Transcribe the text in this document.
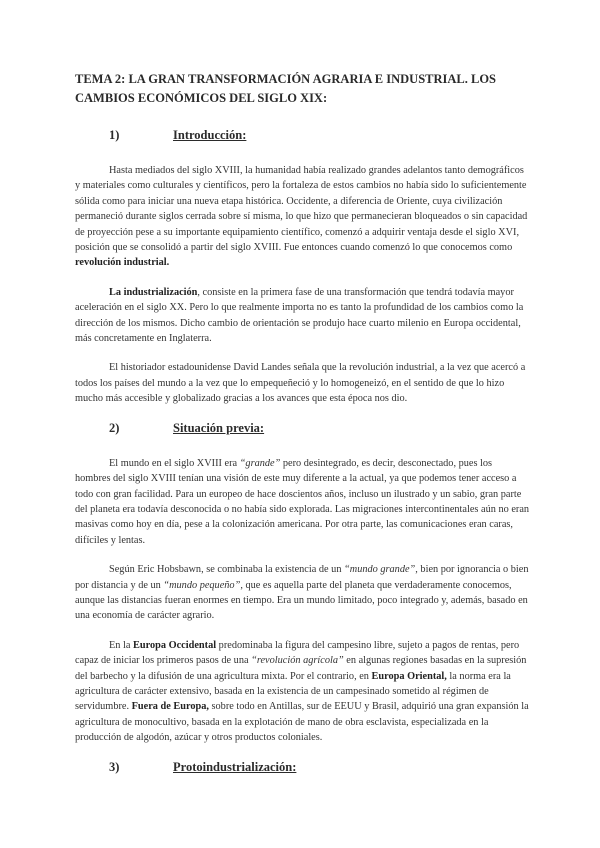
TEMA 2: LA GRAN TRANSFORMACIÓN AGRARIA E INDUSTRIAL. LOS CAMBIOS ECONÓMICOS DEL SIGLO XIX:
1)	Introducción:

Hasta mediados del siglo XVIII, la humanidad había realizado grandes adelantos tanto demográficos y materiales como culturales y científicos, pero la fortaleza de estos cambios no había sido lo suficientemente sólida como para iniciar una nueva etapa histórica. Occidente, a diferencia de Oriente, cuya civilización permaneció durante siglos cerrada sobre sí misma, lo que hizo que permanecieran bloqueados o sin capacidad de proyección pese a su importante equipamiento científico, comenzó a adquirir ventaja desde el siglo XVI, posición que se consolidó a partir del siglo XVIII. Fue entonces cuando comenzó lo que conocemos como revolución industrial.

La industrialización, consiste en la primera fase de una transformación que tendrá todavía mayor aceleración en el siglo XX. Pero lo que realmente importa no es tanto la profundidad de los cambios como la dirección de los mismos. Dicho cambio de orientación se produjo hace cuarto milenio en Europa occidental, más concretamente en Inglaterra.

El historiador estadounidense David Landes señala que la revolución industrial, a la vez que acercó a todos los países del mundo a la vez que lo empequeñeció y lo homogeneizó, en el sentido de que lo hizo mucho más accesible y globalizado gracias a los avances que esta época nos dio.

2)	Situación previa:

El mundo en el siglo XVIII era “grande” pero desintegrado, es decir, desconectado, pues los hombres del siglo XVIII tenían una visión de este muy diferente a la actual, ya que podemos tener acceso a todo con gran facilidad. Para un europeo de hace doscientos años, incluso un ilustrado y un sabio, gran parte del planeta era todavía desconocida o no había sido explorada. Las migraciones intercontinentales aún no eran masivas como hoy en día, pese a la colonización americana. Por otra parte, las comunicaciones eran caras, difíciles y lentas.

Según Eric Hobsbawn, se combinaba la existencia de un “mundo grande”, bien por ignorancia o bien por distancia y de un “mundo pequeño”, que es aquella parte del planeta que verdaderamente conocemos, aunque las distancias fueran enormes en tiempo. Era un mundo limitado, poco integrado y, además, basado en una economía de carácter agrario.

En la Europa Occidental predominaba la figura del campesino libre, sujeto a pagos de rentas, pero capaz de iniciar los primeros pasos de una “revolución agrícola” en algunas regiones basadas en la supresión del barbecho y la difusión de una agricultura mixta. Por el contrario, en Europa Oriental, la norma era la agricultura de carácter extensivo, basada en la existencia de un campesinado sometido al régimen de servidumbre. Fuera de Europa, sobre todo en Antillas, sur de EEUU y Brasil, adquirió una gran expansión la agricultura de monocultivo, basada en la explotación de mano de obra esclavista, especializada en la producción de algodón, azúcar y otros productos coloniales.

3)	Protoindustrialización:
